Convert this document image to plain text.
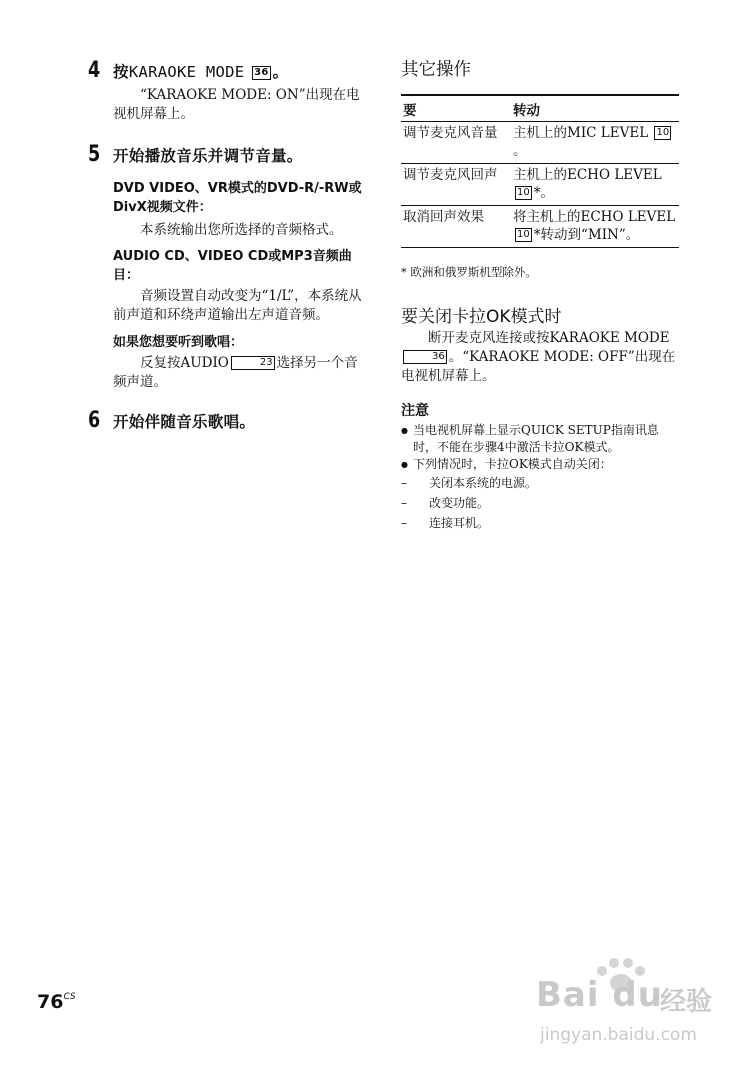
4 按KARAOKE MODE 36 。
“KARAOKE MODE: ON”出现在电视机屏幕上。
5 开始播放音乐并调节音量。
DVD VIDEO、VR模式的DVD-R/-RW或DivX视频文件：
本系统输出您所选择的音频格式。
AUDIO CD、VIDEO CD或MP3音频曲目：
音频设置自动改变为“1/L”，本系统从前声道和环绕声道输出左声道音频。
如果您想要听到歌唱：
反复按AUDIO	23 选择另一个音频声道。
6 开始伴随音乐歌唱。
其它操作
要	转动
调节麦克风音量	主机上的MIC LEVEL 10。
调节麦克风回声	主机上的ECHO LEVEL 10 *。
取消回声效果	将主机上的ECHO LEVEL 10 *转动到“MIN”。
* 欧洲和俄罗斯机型除外。
要关闭卡拉OK模式时
断开麦克风连接或按KARAOKE MODE 36 。“KARAOKE MODE: OFF”出现在电视机屏幕上。
注意
● 当电视机屏幕上显示QUICK SETUP指南讯息时，不能在步骤4中激活卡拉OK模式。
● 下列情况时，卡拉OK模式自动关闭：
– 关闭本系统的电源。
– 改变功能。
– 连接耳机。
$76^{CS}$	Bai du
经验
jingyan.baidu.com
